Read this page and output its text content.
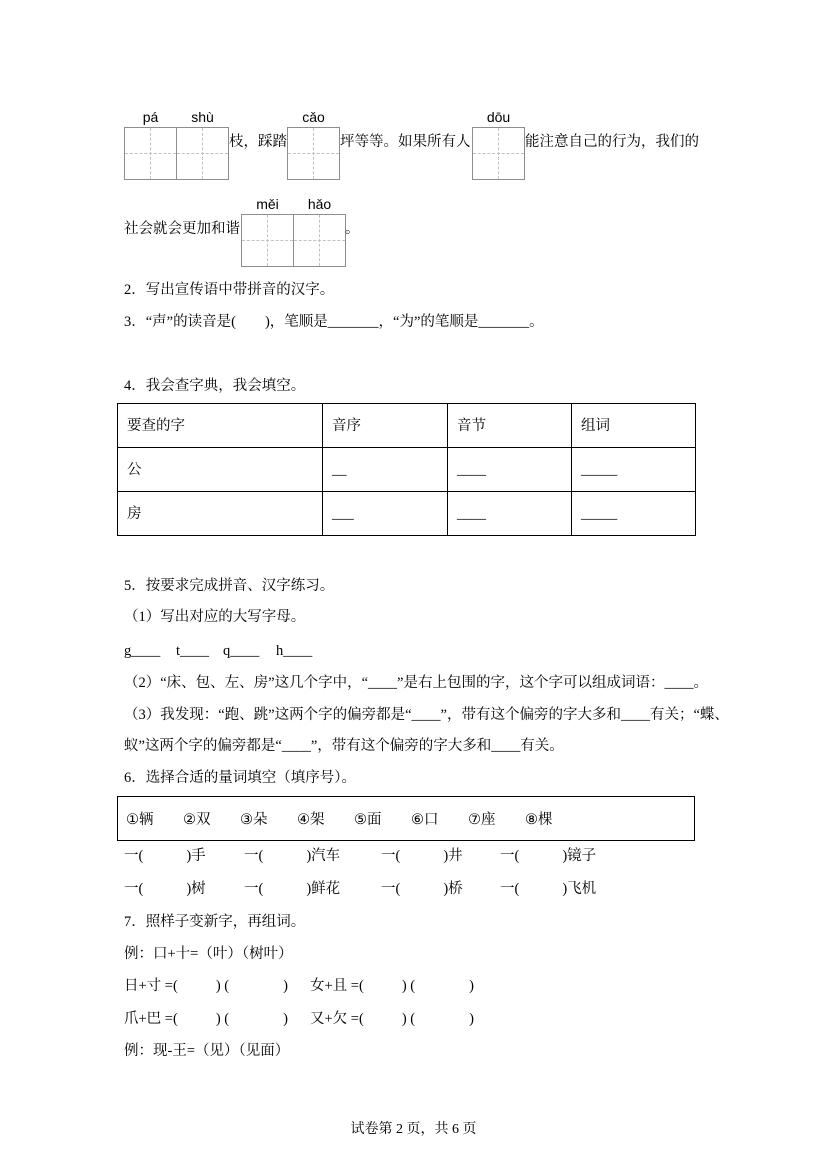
pá	shù
枝，踩踏
cǎo
坪等等。如果所有人
dōu
能注意自己的行为，我们的
社会就会更加和谐
měi	hǎo
。
2．写出宣传语中带拼音的汉字。
3．“声”的读音是(        )，笔顺是_______，“为”的笔顺是_______。
4．我会查字典，我会填空。
要查的字	音序	音节	组词
公	__	____	_____
房	___	____	_____
5．按要求完成拼音、汉字练习。
（1）写出对应的大写字母。

g____

t____

q____

h____

（2）“床、包、左、房”这几个字中，“____”是右上包围的字，这个字可以组成词语：____。
（3）我发现：“跑、跳”这两个字的偏旁都是“____”，带有这个偏旁的字大多和____有关；“蝶、
蚁”这两个字的偏旁都是“____”，带有这个偏旁的字大多和____有关。
6．选择合适的量词填空（填序号）。
①辆	②双	③朵	④架	⑤面	⑥口	⑦座	⑧棵

一(	)手

	一(	)汽车

	一(	)井

	一(	)镜子

一(	)树

	一(	)鲜花

	一(	)桥

	一(	)飞机

7．照样子变新字，再组词。
例：口+十=（叶）（树叶）

日+寸 =(	) (	)

女+且 =(	) (	)

爪+巴 =(	) (	)

又+欠 =(	) (	)

例：现-王=（见）（见面）
试卷第 2 页，共 6 页
